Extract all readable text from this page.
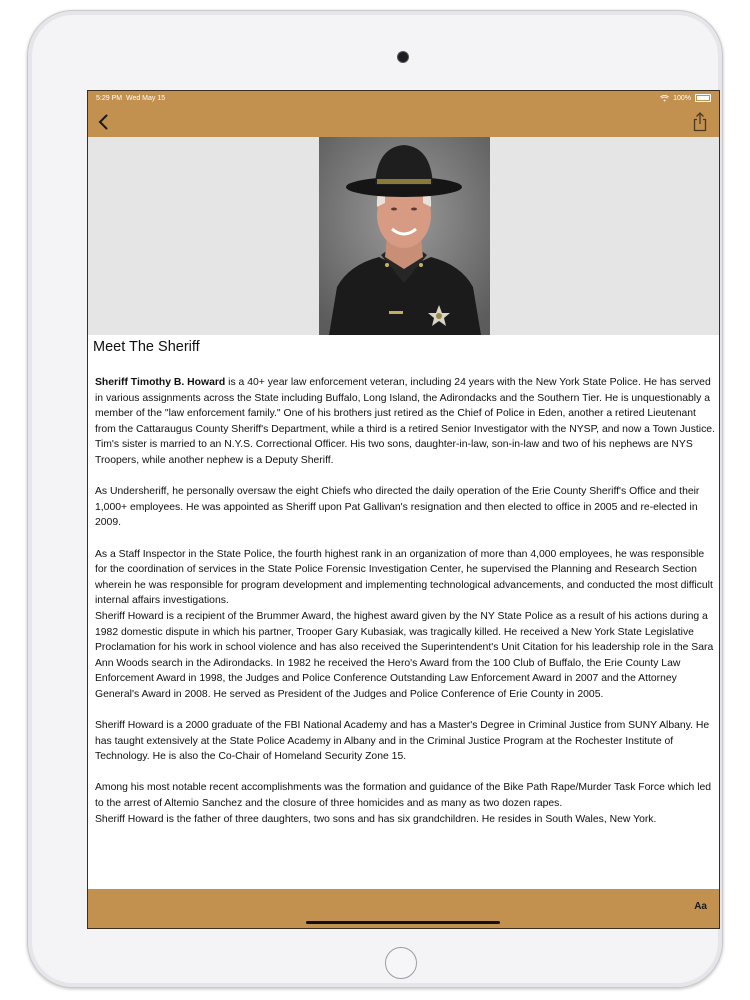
5:29 PM Wed May 15	100%
Meet The Sheriff

Sheriff Timothy B. Howard is a 40+ year law enforcement veteran, including 24 years with the New York State Police. He has served in various assignments across the State including Buffalo, Long Island, the Adirondacks and the Southern Tier. He is unquestionably a member of the "law enforcement family." One of his brothers just retired as the Chief of Police in Eden, another a retired Lieutenant from the Cattaraugus County Sheriff's Department, while a third is a retired Senior Investigator with the NYSP, and now a Town Justice. Tim's sister is married to an N.Y.S. Correctional Officer. His two sons, daughter-in-law, son-in-law and two of his nephews are NYS Troopers, while another nephew is a Deputy Sheriff.

As Undersheriff, he personally oversaw the eight Chiefs who directed the daily operation of the Erie County Sheriff's Office and their 1,000+ employees. He was appointed as Sheriff upon Pat Gallivan's resignation and then elected to office in 2005 and re-elected in 2009.

As a Staff Inspector in the State Police, the fourth highest rank in an organization of more than 4,000 employees, he was responsible for the coordination of services in the State Police Forensic Investigation Center, he supervised the Planning and Research Section wherein he was responsible for program development and implementing technological advancements, and conducted the most difficult internal affairs investigations.

Sheriff Howard is a recipient of the Brummer Award, the highest award given by the NY State Police as a result of his actions during a 1982 domestic dispute in which his partner, Trooper Gary Kubasiak, was tragically killed. He received a New York State Legislative Proclamation for his work in school violence and has also received the Superintendent's Unit Citation for his leadership role in the Sara Ann Woods search in the Adirondacks. In 1982 he received the Hero's Award from the 100 Club of Buffalo, the Erie County Law Enforcement Award in 1998, the Judges and Police Conference Outstanding Law Enforcement Award in 2007 and the Attorney General's Award in 2008. He served as President of the Judges and Police Conference of Erie County in 2005.

Sheriff Howard is a 2000 graduate of the FBI National Academy and has a Master's Degree in Criminal Justice from SUNY Albany. He has taught extensively at the State Police Academy in Albany and in the Criminal Justice Program at the Rochester Institute of Technology. He is also the Co-Chair of Homeland Security Zone 15.

Among his most notable recent accomplishments was the formation and guidance of the Bike Path Rape/Murder Task Force which led to the arrest of Altemio Sanchez and the closure of three homicides and as many as two dozen rapes.

Sheriff Howard is the father of three daughters, two sons and has six grandchildren. He resides in South Wales, New York.

Aa
